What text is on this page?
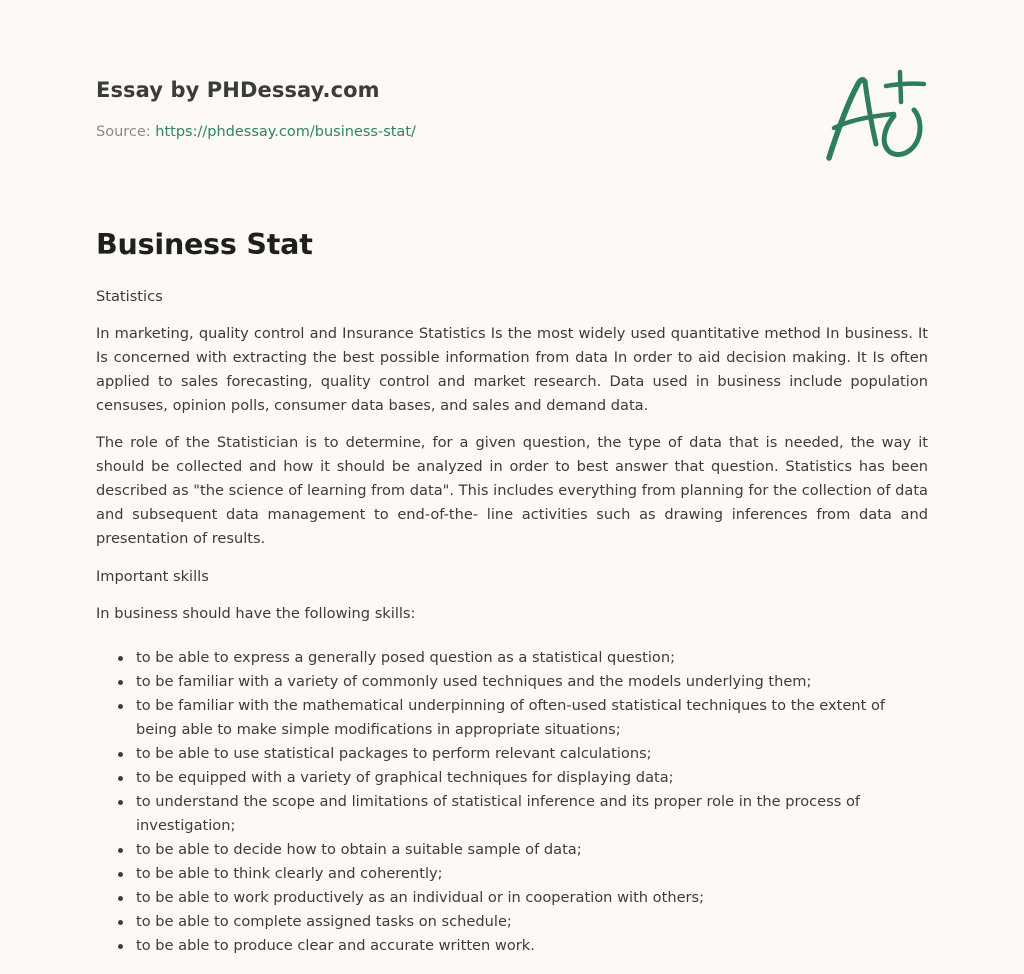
Essay by PHDessay.com
Source: https://phdessay.com/business-stat/
Business Stat

Statistics

In marketing, quality control and Insurance Statistics Is the most widely used quantitative method In business. It Is concerned with extracting the best possible information from data In order to aid decision making. It Is often applied to sales forecasting, quality control and market research. Data used in business include population censuses, opinion polls, consumer data bases, and sales and demand data.

The role of the Statistician is to determine, for a given question, the type of data that is needed, the way it should be collected and how it should be analyzed in order to best answer that question. Statistics has been described as "the science of learning from data". This includes everything from planning for the collection of data and subsequent data management to end-of-the- line activities such as drawing inferences from data and presentation of results.

Important skills

In business should have the following skills:

to be able to express a generally posed question as a statistical question;
to be familiar with a variety of commonly used techniques and the models underlying them;
to be familiar with the mathematical underpinning of often-used statistical techniques to the extent of being able to make simple modifications in appropriate situations;
to be able to use statistical packages to perform relevant calculations;
to be equipped with a variety of graphical techniques for displaying data;
to understand the scope and limitations of statistical inference and its proper role in the process of investigation;
to be able to decide how to obtain a suitable sample of data;
to be able to think clearly and coherently;
to be able to work productively as an individual or in cooperation with others;
to be able to complete assigned tasks on schedule;
to be able to produce clear and accurate written work.
